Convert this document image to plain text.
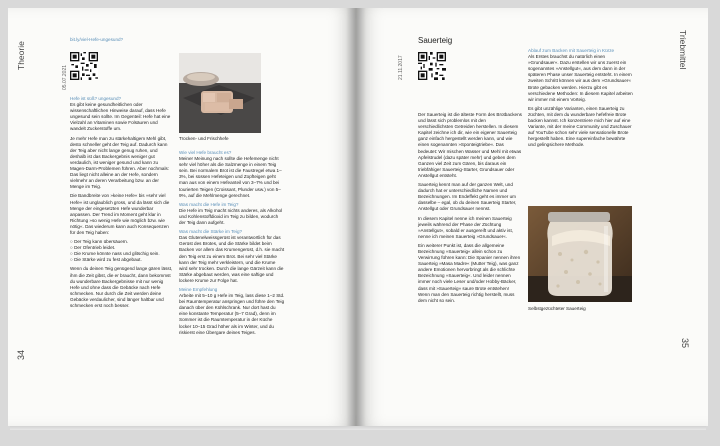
Theorie
34
05.07.2021
bit.ly/viel-Hefe-ungesund?
Hefe ist süß? ungesund?

Es gibt keine gesundheitlichen oder wissenschaftlichen Hinweise darauf, dass Hefe ungesund sein sollte. Im Gegenteil: Hefe hat eine Vielzahl an Vitaminen sowie Folsäuren und wandelt Zuckerstoffe um.

Je mehr Hefe man zu stärkehaltigem Mehl gibt, desto schneller geht der Teig auf. Dadurch kann der Teig aber nicht lange genug ruhen, und deshalb ist das Backergebnis weniger gut verdaulich, ist weniger gesund und kann zu Magen-Darm-Problemen führen. Aber nochmals: Das liegt nicht alleine an der Hefe, sondern vielmehr an deren Verarbeitung bzw. an der Menge im Teig.

Die Bandbreite von »keine Hefe« bis »sehr viel Hefe« ist unglaublich gross, und da lässt sich die Menge der eingesetzten Hefe wunderbar anpassen. Der Trend im Moment geht klar in Richtung »so wenig Hefe wie möglich bzw. wie nötig«. Das wiederum kann auch Konsequenzen für den Teig haben:

○ Der Teig kann übersäuern.
○ Der Ofentrieb leidet.
○ Die Krume könnte nass und glitschig sein.
○ Die Stärke wird zu fest abgebaut.

Wenn du deinen Teig genügend lange gären lässt, ihm die Zeit gibst, die er braucht, dann bekommst du wunderbare Backergebnisse mit nur wenig Hefe und ohne dass die Gebäcke nach Hefe schmecken. Nur durch die Zeit werden deine Gebäcke verdaulicher, sind länger haltbar und schmecken erst noch besser.

Trocken- und Frischhefe
Wie viel Hefe braucht es?

Meiner Meinung nach sollte die Hefemenge nicht sehr viel höher als die Salzmenge in einem Teig sein. Bei normalem Brot ist die Faustregel etwa 1–3%, bei süssen Hefeteigen und Zopfteigen geht man aus von einem Hefeanteil von 3–7% und bei tourierten Teigen (Croissant, Plunder usw.) von 5–9%, auf die Mehlmenge gerechnet.

Was macht die Hefe im Teig?

Die Hefe im Teig macht nichts anderes, als Alkohol und Kohlenstoffdioxid im Teig zu bilden, wodurch der Teig dann aufgeht.

Was macht die Stärke im Teig?

Das Glutenelweissgerüst ist verantwortlich für das Gerüst des Brotes, und die Stärke bildet beim Backen vor allem das Krumengerüst, d.h. sie macht den Teig erst zu einem Brot. Bei sehr viel Stärke kann der Teig mehr verkleistern, und die Krume wird sehr trocken. Durch die lange Gärzeit kann die Stärke abgebaut werden, was eine saftige und lockere Krume zur Folge hat.

Meine Empfehlung

Arbeite mit 5–10 g Hefe im Teig, lass diese 1–2 Std. bei Raumtemperatur anspringen und führe den Teig danach über den Kühlschrank. Nur dort hast du eine konstante Temperatur (5–7 Grad), denn im Sommer ist die Raumtemperatur in der Küche locker 10–15 Grad höher als im Winter, und du riskierst eine Übergare deines Teiges.

21.11.2017
Sauerteig

Der Sauerteig ist die älteste Form des Brotbackens und lässt sich problemlos mit den verschiedlichsten Getreiden herstellen. In diesem Kapitel zeichne ich dir, wie ein eigener Sauerteig ganz einfach hergestellt werden kann, und wie einen sogenannten »Sponteigtriebe«. Das bedeutet: Wir mischen Wasser und Mehl mit etwas Apfelstrudel (dazu später mehr) und geben dem Ganzen viel Zeit zum Gären, bis daraus ein triebfähiger Sauerteig-Starter, Grundsauer oder Anstellgut entsteht.

Sauerteig kennt man auf der ganzen Welt, und dadurch hat er unterschiedliche Namen und Bezeichnungen. Im Endeffekt geht es immer um dasselbe – egal, ob du deinen Sauerteig Starter, Anstellgut oder Grundsauer nennst.

In diesem Kapitel nenne ich meinen Sauerteig jeweils während der Phase der Züchtung »Anstellgut«, sobald er ausgereift und aktiv ist, nenne ich meinen Sauerteig »Grundsauer«.

Ein weiterer Punkt ist, dass die allgemeine Bezeichnung »Sauerteig« allein schon zu Verwirrung führen kann: Die Spanier nennen ihren Sauerteig »Masa Madre« (Mutter Teig), was ganz andere Emotionen hervorbringt als die schlichte Bezeichnung »Sauerteig«. Und leider nennen immer noch viele Leser und/oder Hobby-Bäcker, dass mit »Sauerteig« saure Brote entstehen! Wenn man den Sauerteig richtig herstellt, muss dem nicht so sein.

Ablauf zum Backen mit Sauerteig in Kürze

Als Erstes brauchst du natürlich einen »Grundsauer«. Dazu erstellen wir uns zuerst ein sogenanntes »Anstellgut«, aus dem dann in der späteren Phase unser Sauerteig entsteht. In einem zweiten Schritt können wir aus dem »Grundsauer« Brote gebacken werden. Hierzu gibt es verschiedene Methoden: In diesem Kapitel arbeiten wir immer mit einem Vorteig.

Es gibt unzählige Varianten, einen Sauerteig zu züchten, mit dem du wunderbare hefefreie Brote backen kannst. Ich konzentriere mich hier auf eine Variante, mit der meine Community und Zuschauer auf YouTube schon sehr viele sensationelle Brote hergestellt haben. Eine supereinfache bewährte und gelingsichere Methode.

Selbstgezüchteter Sauerteig
Triebmittel
35
